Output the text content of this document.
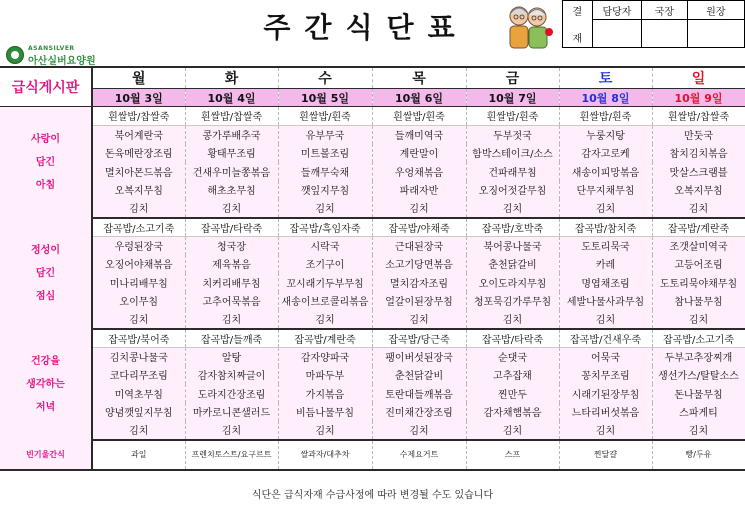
ASANSILVER
아산실버요양원
주간식단표	결
재	담당자	국장	원장

급식게시판	월	화	수	목	금	토	일
	10월 3일	10월 4일	10월 5일	10월 6일	10월 7일	10월 8일	10월 9일

사랑이
담긴
아침	흰쌀밥/찹쌀죽	흰쌀밥/찹쌀죽	흰쌀밥/흰죽	흰쌀밥/흰죽	흰쌀밥/흰죽	흰쌀밥/흰죽	흰쌀밥/찹쌀죽
	북어계란국	콩가루배추국	유부무국	들깨미역국	두부젓국	누룽지탕	만둣국
	돈육메란장조림	황태무조림	미트볼조림	계란말이	함박스테이크/소스	감자고로케	참치김치볶음
	멸치아몬드볶음	건새우미늘쫑볶음	들깨무숙채	우엉채볶음	건파래무침	새송이피망볶음	맛살스크램블
	오복지무침	해초초무침	깻잎지무침	파래자반	오징어젓갈무침	단무지채무침	오복지무침
	김치	김치	김치	김치	김치	김치	김치

정성이
담긴
점심	잡곡밥/소고기죽	잡곡밥/타락죽	잡곡밥/흑임자죽	잡곡밥/야채죽	잡곡밥/호박죽	잡곡밥/참치죽	잡곡밥/계란죽
	우렁된장국	청국장	시락국	근대된장국	북어콩나물국	도토리묵국	조갯살미역국
	오징어야채볶음	제육볶음	조기구이	소고기당면볶음	춘천닭갈비	카레	고등어조림
	미나리배무침	치커리배무침	꼬시래기두부무침	멸치감자조림	오이도라지무침	명엽채조림	도토리묵야채무침
	오이무침	고추어묵볶음	새송이브로콜리볶음	얼갈이된장무침	청포묵김가루무침	세발나물사과무침	참나물무침
	김치	김치	김치	김치	김치	김치	김치

건강을
생각하는
저녁	잡곡밥/북어죽	잡곡밥/들깨죽	잡곡밥/계란죽	잡곡밥/당근죽	잡곡밥/타락죽	잡곡밥/건새우죽	잡곡밥/소고기죽
	김치콩나물국	알탕	감자양파국	팽이버섯된장국	순댓국	어묵국	두부고추장찌개
	코다리무조림	감자참치짜글이	마파두부	춘천닭갈비	고추잡채	꽁치무조림	생선가스/탈탈소스
	미역초무침	도라지간장조림	가지볶음	토란대들깨볶음	찐만두	시래기된장무침	돈나물무침
	양념깻잎지무침	마카로니콘샐러드	비듬나물무침	진미채간장조림	감자채햄볶음	느타리버섯볶음	스파게티
	김치	김치	김치	김치	김치	김치	김치
빈기울간식	과일	프렌치토스트/요구르트	쌀과자/대추차	수제요거트	스프	찐달걀	빵/두유
식단은 급식자재 수급사정에 따라 변경될 수도 있습니다
